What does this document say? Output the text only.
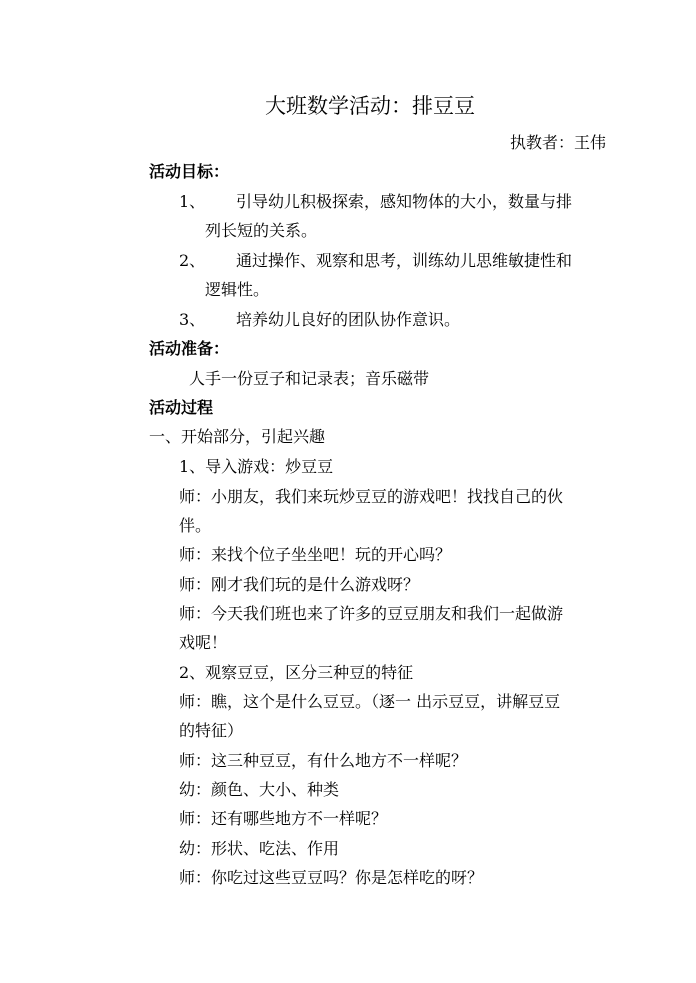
大班数学活动：排豆豆
执教者：王伟
活动目标：
1、 引导幼儿积极探索，感知物体的大小，数量与排
列长短的关系。
2、 通过操作、观察和思考，训练幼儿思维敏捷性和
逻辑性。
3、 培养幼儿良好的团队协作意识。
活动准备：
人手一份豆子和记录表；音乐磁带
活动过程
一、开始部分，引起兴趣
1、导入游戏：炒豆豆
师：小朋友，我们来玩炒豆豆的游戏吧！找找自己的伙
伴。
师：来找个位子坐坐吧！玩的开心吗？
师：刚才我们玩的是什么游戏呀？
师：今天我们班也来了许多的豆豆朋友和我们一起做游
戏呢！
2、观察豆豆，区分三种豆的特征
师：瞧，这个是什么豆豆。（逐一 出示豆豆，讲解豆豆
的特征）
师：这三种豆豆，有什么地方不一样呢？
幼：颜色、大小、种类
师：还有哪些地方不一样呢？
幼：形状、吃法、作用
师：你吃过这些豆豆吗？你是怎样吃的呀？
